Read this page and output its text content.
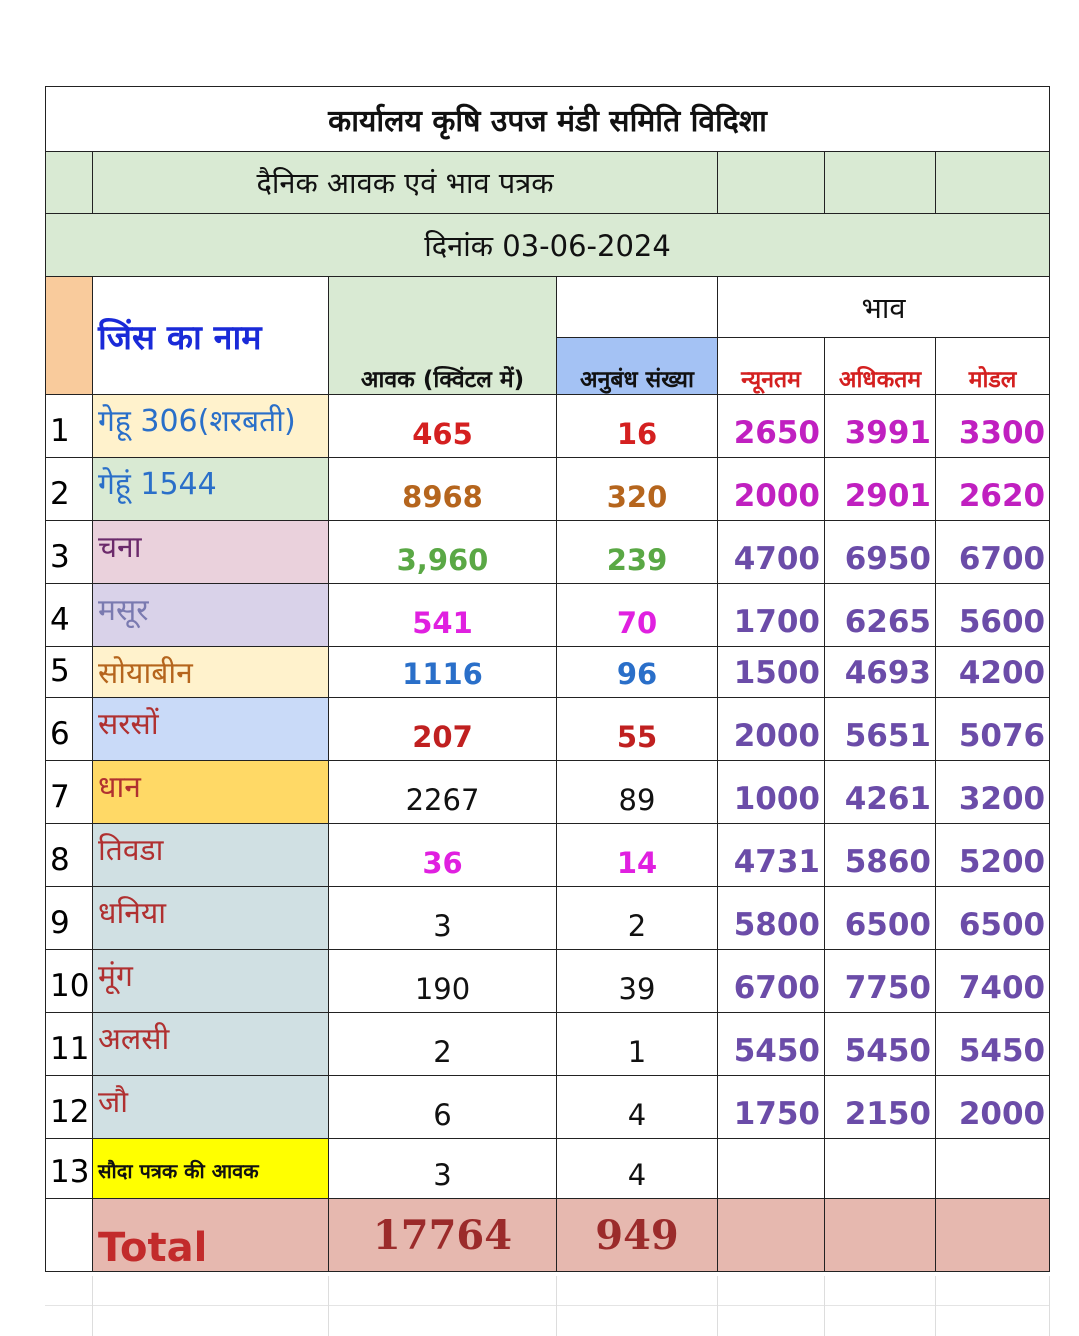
कार्यालय कृषि उपज मंडी समिति विदिशा						
	दैनिक आवक एवं भाव पत्रक					
दिनांक 03-06-2024						
	जिंस का नाम	आवक (क्विंटल में)		भाव		
			अनुबंध संख्या	न्यूनतम	अधिकतम	मोडल
1	गेहू 306(शरबती)	465	16	2650	3991	3300
2	गेहूं 1544	8968	320	2000	2901	2620
3	चना	3,960	239	4700	6950	6700
4	मसूर	541	70	1700	6265	5600
5	सोयाबीन	1116	96	1500	4693	4200
6	सरसों	207	55	2000	5651	5076
7	धान	2267	89	1000	4261	3200
8	तिवडा	36	14	4731	5860	5200
9	धनिया	3	2	5800	6500	6500
10	मूंग	190	39	6700	7750	7400
11	अलसी	2	1	5450	5450	5450
12	जौ	6	4	1750	2150	2000
13	सौदा पत्रक की आवक	3	4			
	Total	17764	949			
